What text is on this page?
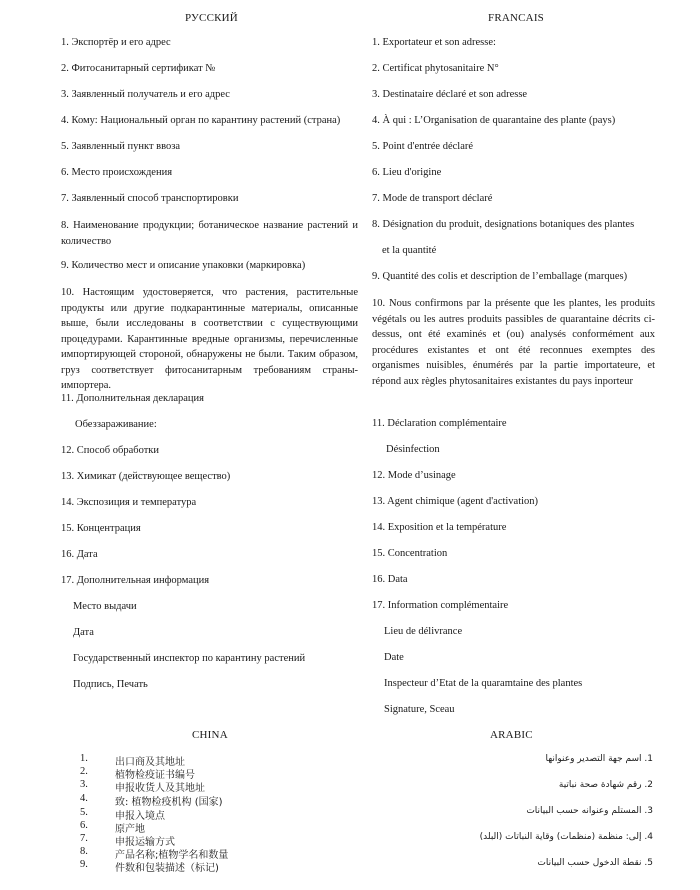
РУССКИЙ
1. Экспортёр и его адрес
2. Фитосанитарный сертификат №
3. Заявленный получатель и его адрес
4. Кому: Национальный орган по карантину растений (страна)
5. Заявленный пункт ввоза
6. Место происхождения
7. Заявленный способ транспортировки
8. Наименование продукции; ботаническое название растений и количество
9. Количество мест и описание упаковки (маркировка)
10. Настоящим удостоверяется, что растения, растительные продукты или другие подкарантинные материалы, описанные выше, были исследованы в соответствии с существующими процедурами. Карантинные вредные организмы, перечисленные импортирующей стороной, обнаружены не были. Таким образом, груз соответствует фитосанитарным требованиям страны-импортера.
11. Дополнительная декларация
Обеззараживание:
12. Способ обработки
13. Химикат (действующее вещество)
14. Экспозиция и температура
15. Концентрация
16. Дата
17. Дополнительная информация
Место выдачи
Дата
Государственный инспектор по карантину растений
Подпись, Печать
FRANCAIS
1. Exportateur et son adresse:
2. Certificat phytosanitaire N°
3. Destinataire déclaré et son adresse
4. À qui : L’Organisation de quarantaine des plante (pays)
5. Point d'entrée déclaré
6. Lieu d'origine
7. Mode de transport déclaré
8. Désignation du produit, designations botaniques des plantes
et la quantité
9. Quantité des colis et description de l’emballage (marques)
10. Nous confirmons par la présente que les plantes, les produits végétals ou les autres produits passibles de quarantaine décrits ci-dessus, ont été examinés et (ou) analysés conformément aux procédures existantes et ont été reconnues exemptes des organismes nuisibles, énumérés par la partie importateure, et répond aux règles phytosanitaires existantes du pays inporteur
11. Déclaration complémentaire
Désinfection
12. Mode d’usinage
13. Agent chimique (agent d'activation)
14. Exposition et la température
15. Concentration
16. Data
17. Information complémentaire
Lieu de délivrance
Date
Inspecteur d’Etat de la quaramtaine des plantes
Signature, Sceau
CHINA
1.	出口商及其地址
2.	植物检疫证书编号
3.	申报收货人及其地址
4.	致: 植物检疫机构 (国家)
5.	申报入境点
6.	原产地
7.	申报运输方式
8.	产品名称;植物学名和数量
9.	件数和包装描述（标记)
ARABIC
1. اسم جهة التصدير وعنوانها
2. رقم شهادة صحة نباتية
3. المستلم وعنوانه حسب البيانات
4. إلى: منظمة (منظمات) وقاية النباتات (البلد)
5. نقطة الدخول حسب البيانات
